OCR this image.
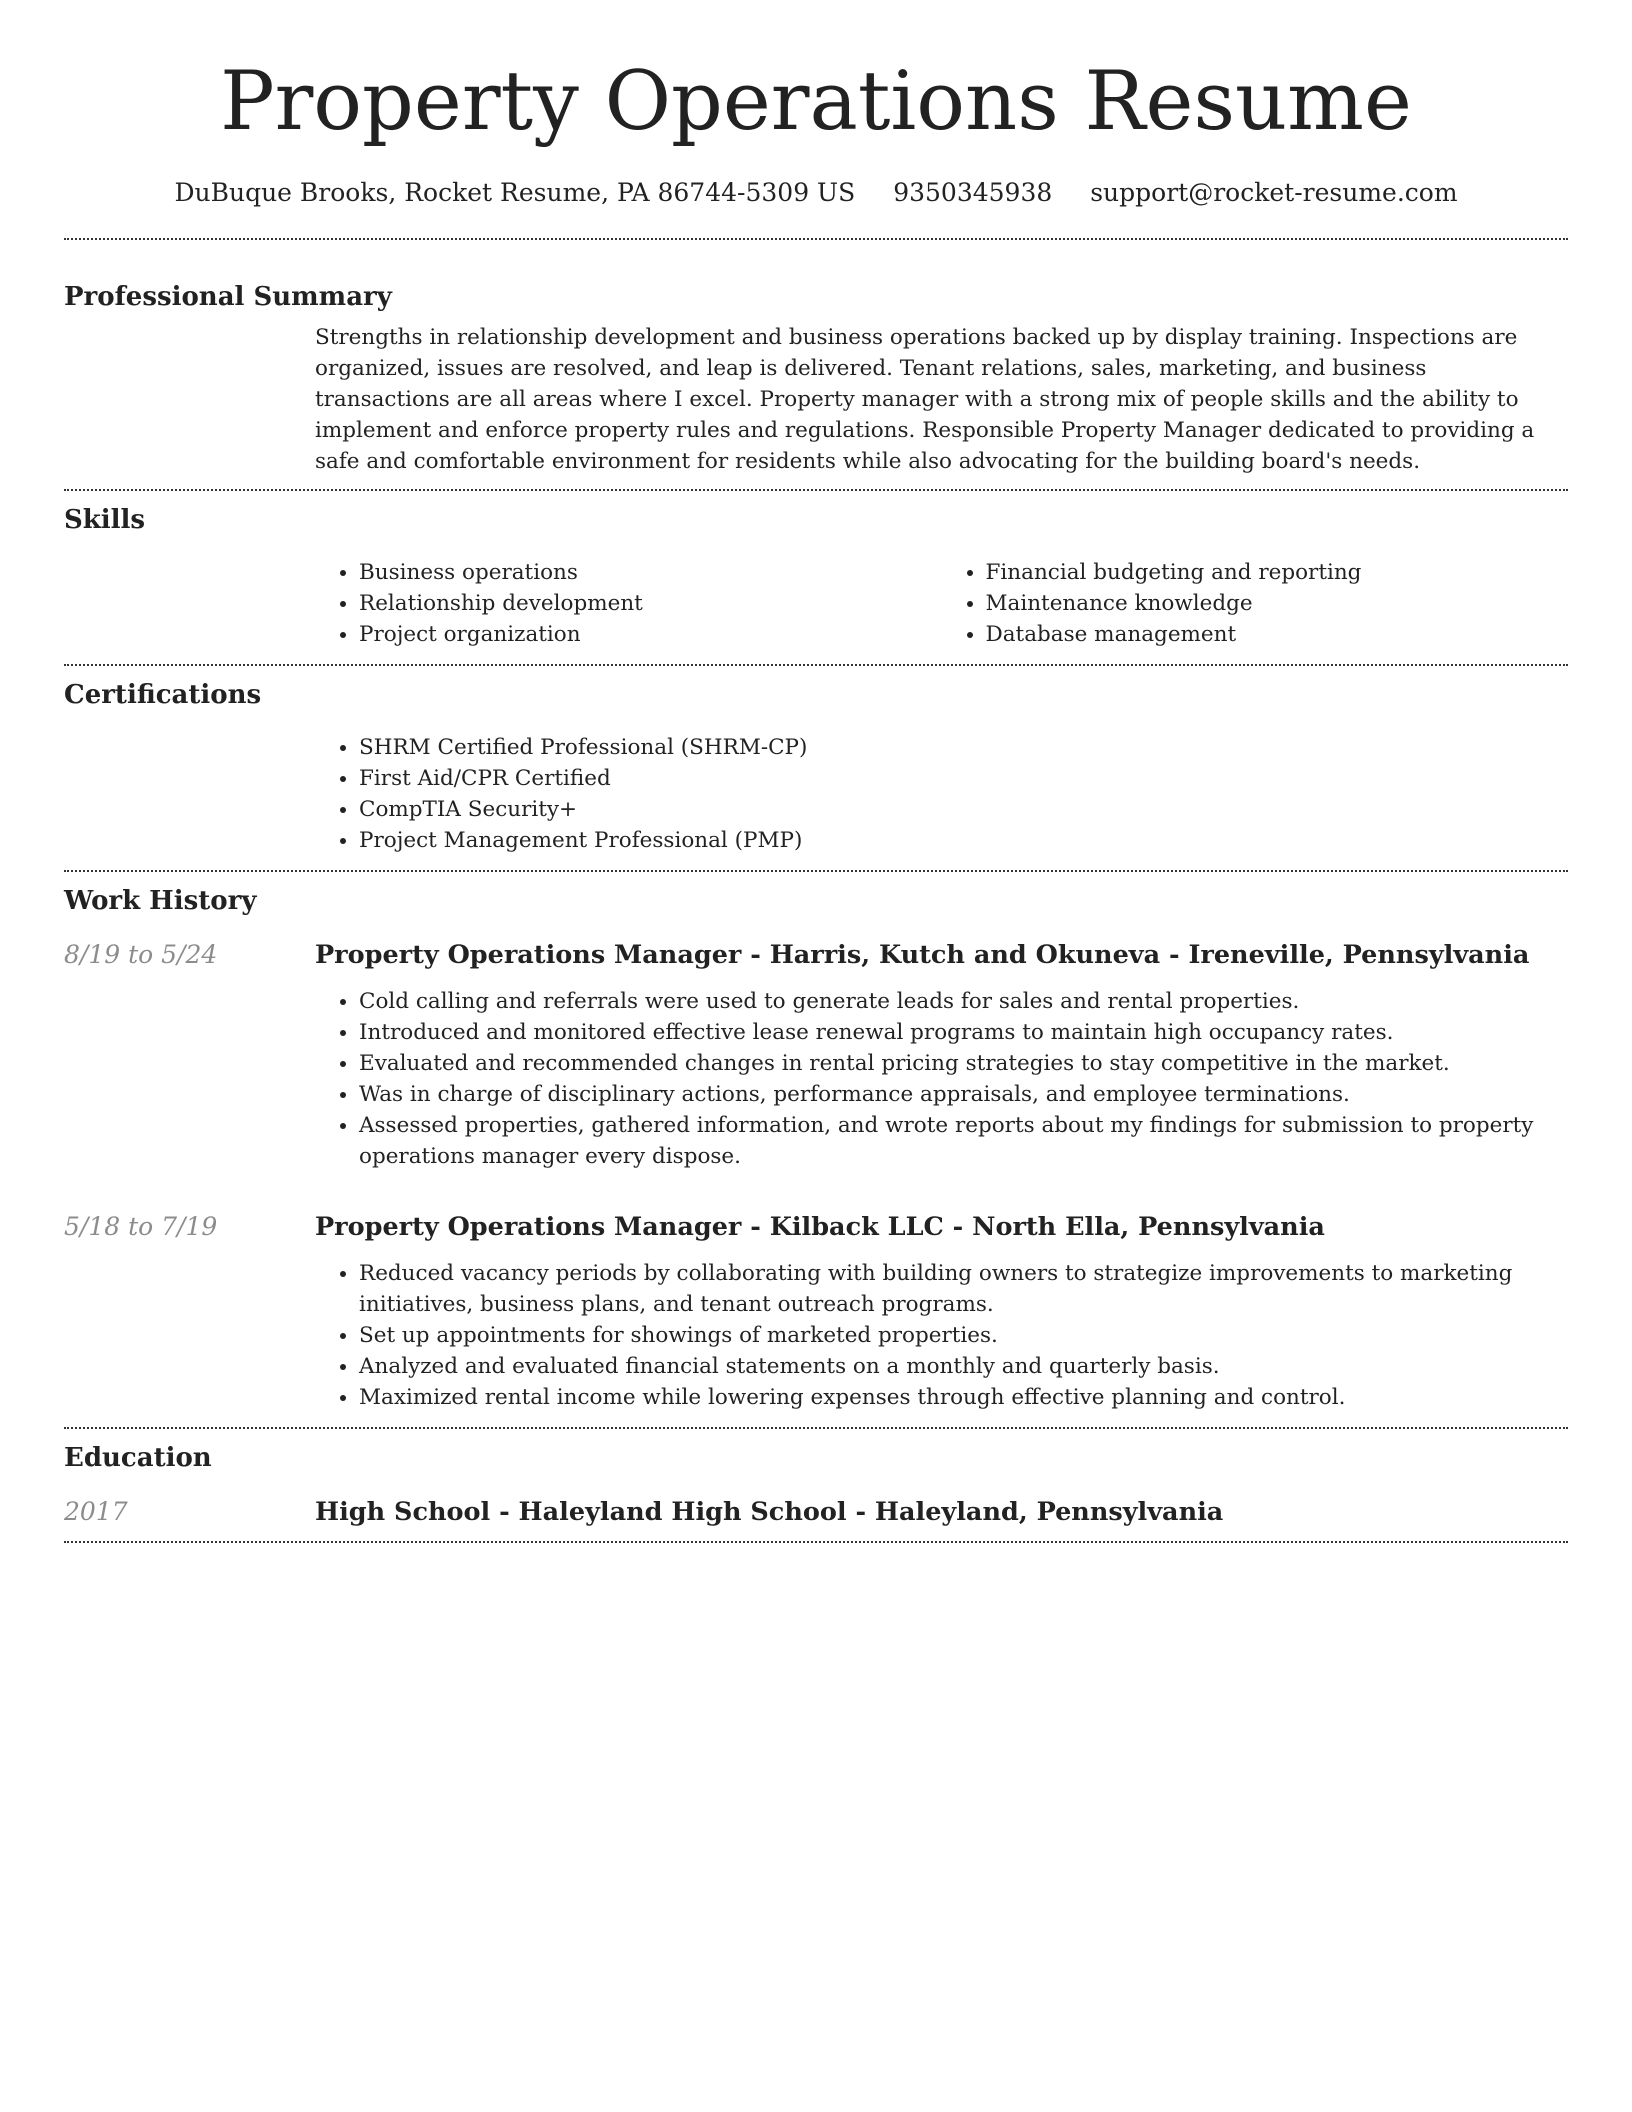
Property Operations Resume
DuBuque Brooks, Rocket Resume, PA 86744-5309 US 9350345938 support@rocket-resume.com
Professional Summary

Strengths in relationship development and business operations backed up by display training. Inspections are organized, issues are resolved, and leap is delivered. Tenant relations, sales, marketing, and business transactions are all areas where I excel. Property manager with a strong mix of people skills and the ability to implement and enforce property rules and regulations. Responsible Property Manager dedicated to providing a safe and comfortable environment for residents while also advocating for the building board's needs.

Skills
• Business operations
• Relationship development
• Project organization
• Financial budgeting and reporting
• Maintenance knowledge
• Database management
Certifications
• SHRM Certified Professional (SHRM-CP)
• First Aid/CPR Certified
• CompTIA Security+
• Project Management Professional (PMP)
Work History
8/19 to 5/24	Property Operations Manager - Harris, Kutch and Okuneva - Ireneville, Pennsylvania
• Cold calling and referrals were used to generate leads for sales and rental properties.
• Introduced and monitored effective lease renewal programs to maintain high occupancy rates.
• Evaluated and recommended changes in rental pricing strategies to stay competitive in the market.
• Was in charge of disciplinary actions, performance appraisals, and employee terminations.
• Assessed properties, gathered information, and wrote reports about my findings for submission to property operations manager every dispose.
5/18 to 7/19	Property Operations Manager - Kilback LLC - North Ella, Pennsylvania
• Reduced vacancy periods by collaborating with building owners to strategize improvements to marketing initiatives, business plans, and tenant outreach programs.
• Set up appointments for showings of marketed properties.
• Analyzed and evaluated financial statements on a monthly and quarterly basis.
• Maximized rental income while lowering expenses through effective planning and control.
Education
2017	High School - Haleyland High School - Haleyland, Pennsylvania
